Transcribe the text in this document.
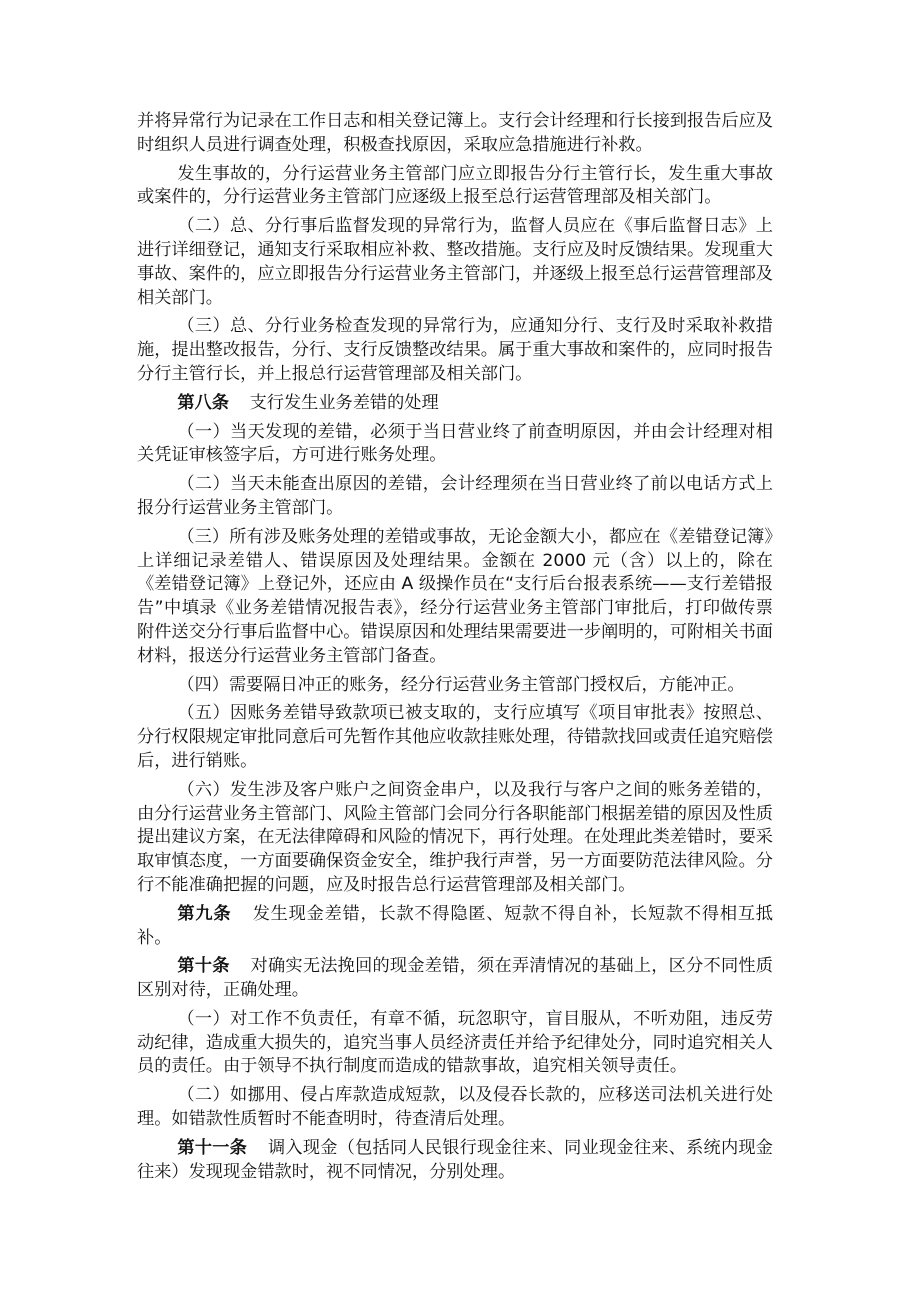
并将异常行为记录在工作日志和相关登记簿上。支行会计经理和行长接到报告后应及时组织人员进行调查处理，积极查找原因，采取应急措施进行补救。

发生事故的，分行运营业务主管部门应立即报告分行主管行长，发生重大事故或案件的，分行运营业务主管部门应逐级上报至总行运营管理部及相关部门。

（二）总、分行事后监督发现的异常行为，监督人员应在《事后监督日志》上进行详细登记，通知支行采取相应补救、整改措施。支行应及时反馈结果。发现重大事故、案件的，应立即报告分行运营业务主管部门，并逐级上报至总行运营管理部及相关部门。

（三）总、分行业务检查发现的异常行为，应通知分行、支行及时采取补救措施，提出整改报告，分行、支行反馈整改结果。属于重大事故和案件的，应同时报告分行主管行长，并上报总行运营管理部及相关部门。

第八条 支行发生业务差错的处理

（一）当天发现的差错，必须于当日营业终了前查明原因，并由会计经理对相关凭证审核签字后，方可进行账务处理。

（二）当天未能查出原因的差错，会计经理须在当日营业终了前以电话方式上报分行运营业务主管部门。

（三）所有涉及账务处理的差错或事故，无论金额大小，都应在《差错登记簿》上详细记录差错人、错误原因及处理结果。金额在 2000 元（含）以上的，除在《差错登记簿》上登记外，还应由 A 级操作员在“支行后台报表系统——支行差错报告”中填录《业务差错情况报告表》，经分行运营业务主管部门审批后，打印做传票附件送交分行事后监督中心。错误原因和处理结果需要进一步阐明的，可附相关书面材料，报送分行运营业务主管部门备查。

（四）需要隔日冲正的账务，经分行运营业务主管部门授权后，方能冲正。

（五）因账务差错导致款项已被支取的，支行应填写《项目审批表》按照总、分行权限规定审批同意后可先暂作其他应收款挂账处理，待错款找回或责任追究赔偿后，进行销账。

（六）发生涉及客户账户之间资金串户，以及我行与客户之间的账务差错的，由分行运营业务主管部门、风险主管部门会同分行各职能部门根据差错的原因及性质提出建议方案，在无法律障碍和风险的情况下，再行处理。在处理此类差错时，要采取审慎态度，一方面要确保资金安全，维护我行声誉，另一方面要防范法律风险。分行不能准确把握的问题，应及时报告总行运营管理部及相关部门。

第九条 发生现金差错，长款不得隐匿、短款不得自补，长短款不得相互抵补。

第十条 对确实无法挽回的现金差错，须在弄清情况的基础上，区分不同性质区别对待，正确处理。

（一）对工作不负责任，有章不循，玩忽职守，盲目服从，不听劝阻，违反劳动纪律，造成重大损失的，追究当事人员经济责任并给予纪律处分，同时追究相关人员的责任。由于领导不执行制度而造成的错款事故，追究相关领导责任。

（二）如挪用、侵占库款造成短款，以及侵吞长款的，应移送司法机关进行处理。如错款性质暂时不能查明时，待查清后处理。

第十一条 调入现金（包括同人民银行现金往来、同业现金往来、系统内现金往来）发现现金错款时，视不同情况，分别处理。
